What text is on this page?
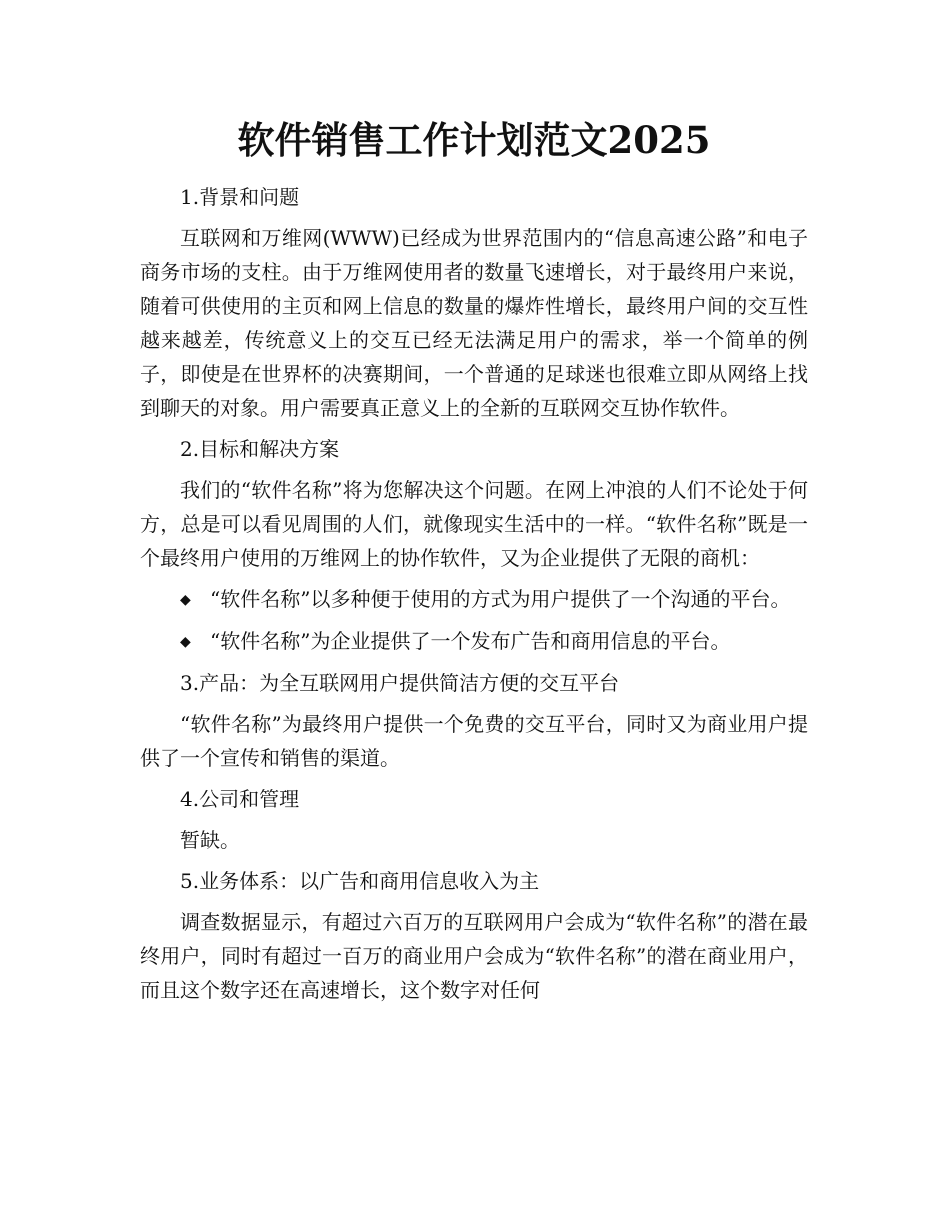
软件销售工作计划范文2025

1.背景和问题

互联网和万维网(WWW)已经成为世界范围内的“信息高速公路”和电子商务市场的支柱。由于万维网使用者的数量飞速增长，对于最终用户来说，随着可供使用的主页和网上信息的数量的爆炸性增长，最终用户间的交互性越来越差，传统意义上的交互已经无法满足用户的需求，举一个简单的例子，即使是在世界杯的决赛期间，一个普通的足球迷也很难立即从网络上找到聊天的对象。用户需要真正意义上的全新的互联网交互协作软件。

2.目标和解决方案

我们的“软件名称”将为您解决这个问题。在网上冲浪的人们不论处于何方，总是可以看见周围的人们，就像现实生活中的一样。“软件名称”既是一个最终用户使用的万维网上的协作软件，又为企业提供了无限的商机：

◆ “软件名称”以多种便于使用的方式为用户提供了一个沟通的平台。

◆ “软件名称”为企业提供了一个发布广告和商用信息的平台。

3.产品：为全互联网用户提供简洁方便的交互平台

“软件名称”为最终用户提供一个免费的交互平台，同时又为商业用户提供了一个宣传和销售的渠道。

4.公司和管理

暂缺。

5.业务体系：以广告和商用信息收入为主

调查数据显示，有超过六百万的互联网用户会成为“软件名称”的潜在最终用户，同时有超过一百万的商业用户会成为“软件名称”的潜在商业用户，而且这个数字还在高速增长，这个数字对任何
